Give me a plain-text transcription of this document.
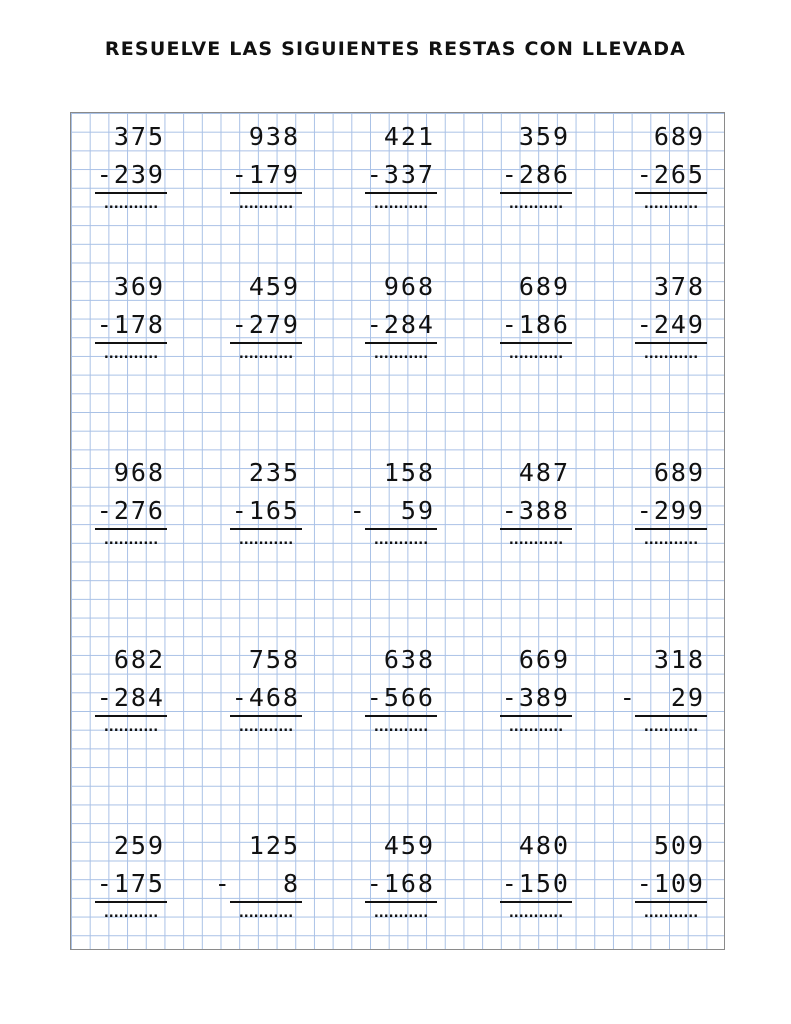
RESUELVE LAS SIGUIENTES RESTAS CON LLEVADA
375
-239
...........
938
-179
...........
421
-337
...........
359
-286
...........
689
-265
...........
369
-178
...........
459
-279
...........
968
-284
...........
689
-186
...........
378
-249
...........
968
-276
...........
235
-165
...........
158
-  59
...........
487
-388
...........
689
-299
...........
682
-284
...........
758
-468
...........
638
-566
...........
669
-389
...........
318
-  29
...........
259
-175
...........
125
-   8
...........
459
-168
...........
480
-150
...........
509
-109
...........
